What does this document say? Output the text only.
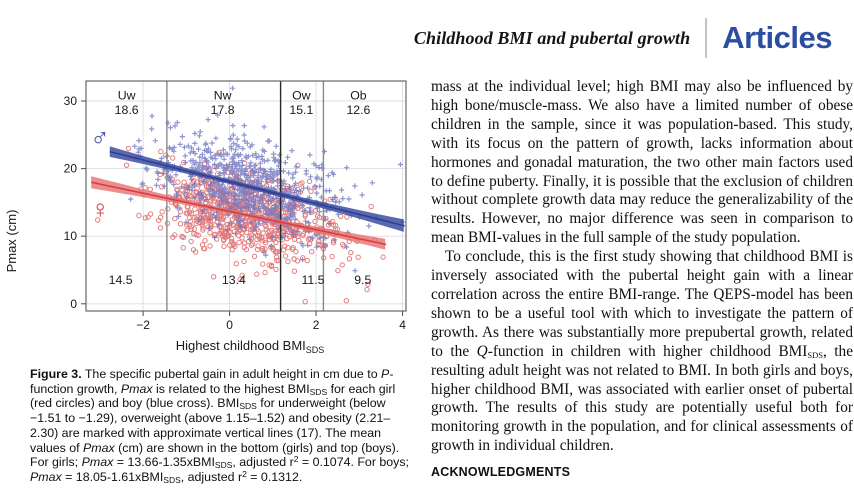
Childhood BMI and pubertal growth Articles
−2	0	2	4
0
10
20
30	Uw
18.6
14.5
Nw
17.8
13.4
Ow
15.1
11.5
Ob
12.6
9.5
Highest childhood $BMI_{SDS}$
Pmax (cm)
♀
♂
Figure 3. The specific pubertal gain in adult height in cm due to P-function growth, Pmax is related to the highest $BMI_{SDS}$ for each girl (red circles) and boy (blue cross). $BMI_{SDS}$ for underweight (below −1.51 to −1.29), overweight (above 1.15–1.52) and obesity (2.21–2.30) are marked with approximate vertical lines (17). The mean values of Pmax (cm) are shown in the bottom (girls) and top (boys). For girls; Pmax = 13.66-1.35xBMI$_{SDS}$, adjusted $r^2 = 0.1074$. For boys; Pmax = 18.05-1.61xBMI$_{SDS}$, adjusted $r^2 = 0.1312$.

mass at the individual level; high BMI may also be influenced by high bone/muscle-mass. We also have a limited number of obese children in the sample, since it was population-based. This study, with its focus on the pattern of growth, lacks information about hormones and gonadal maturation, the two other main factors used to define puberty. Finally, it is possible that the exclusion of children without complete growth data may reduce the generalizability of the results. However, no major difference was seen in comparison to mean BMI-values in the full sample of the study population.

To conclude, this is the first study showing that childhood BMI is inversely associated with the pubertal height gain with a linear correlation across the entire BMI-range. The QEPS-model has been shown to be a useful tool with which to investigate the pattern of growth. As there was substantially more prepubertal growth, related to the Q-function in children with higher childhood $BMI_{SDS}$, the resulting adult height was not related to BMI. In both girls and boys, higher childhood BMI, was associated with earlier onset of pubertal growth. The results of this study are potentially useful both for monitoring growth in the population, and for clinical assessments of growth in individual children.

ACKNOWLEDGMENTS
